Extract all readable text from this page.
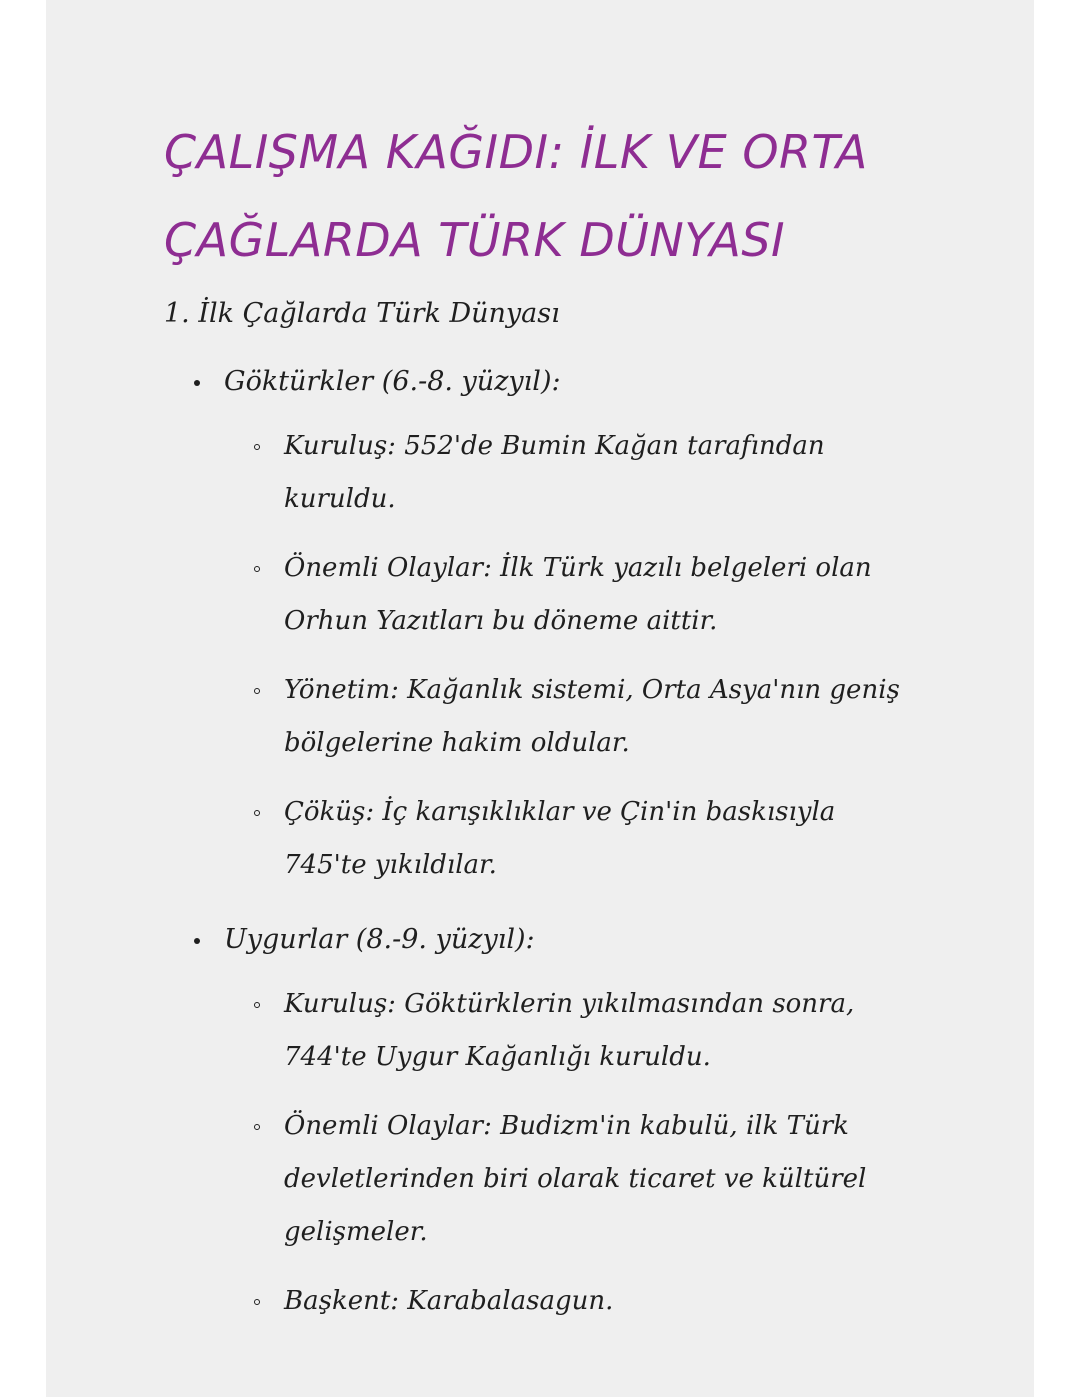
ÇALIŞMA KAĞIDI: İLK VE ORTA
ÇAĞLARDA TÜRK DÜNYASI
1. İlk Çağlarda Türk Dünyası
Göktürkler (6.-8. yüzyıl):
Kuruluş: 552'de Bumin Kağan tarafından kuruldu.
Önemli Olaylar: İlk Türk yazılı belgeleri olan Orhun Yazıtları bu döneme aittir.
Yönetim: Kağanlık sistemi, Orta Asya'nın geniş bölgelerine hakim oldular.
Çöküş: İç karışıklıklar ve Çin'in baskısıyla 745'te yıkıldılar.
Uygurlar (8.-9. yüzyıl):
Kuruluş: Göktürklerin yıkılmasından sonra, 744'te Uygur Kağanlığı kuruldu.
Önemli Olaylar: Budizm'in kabulü, ilk Türk devletlerinden biri olarak ticaret ve kültürel gelişmeler.
Başkent: Karabalasagun.
